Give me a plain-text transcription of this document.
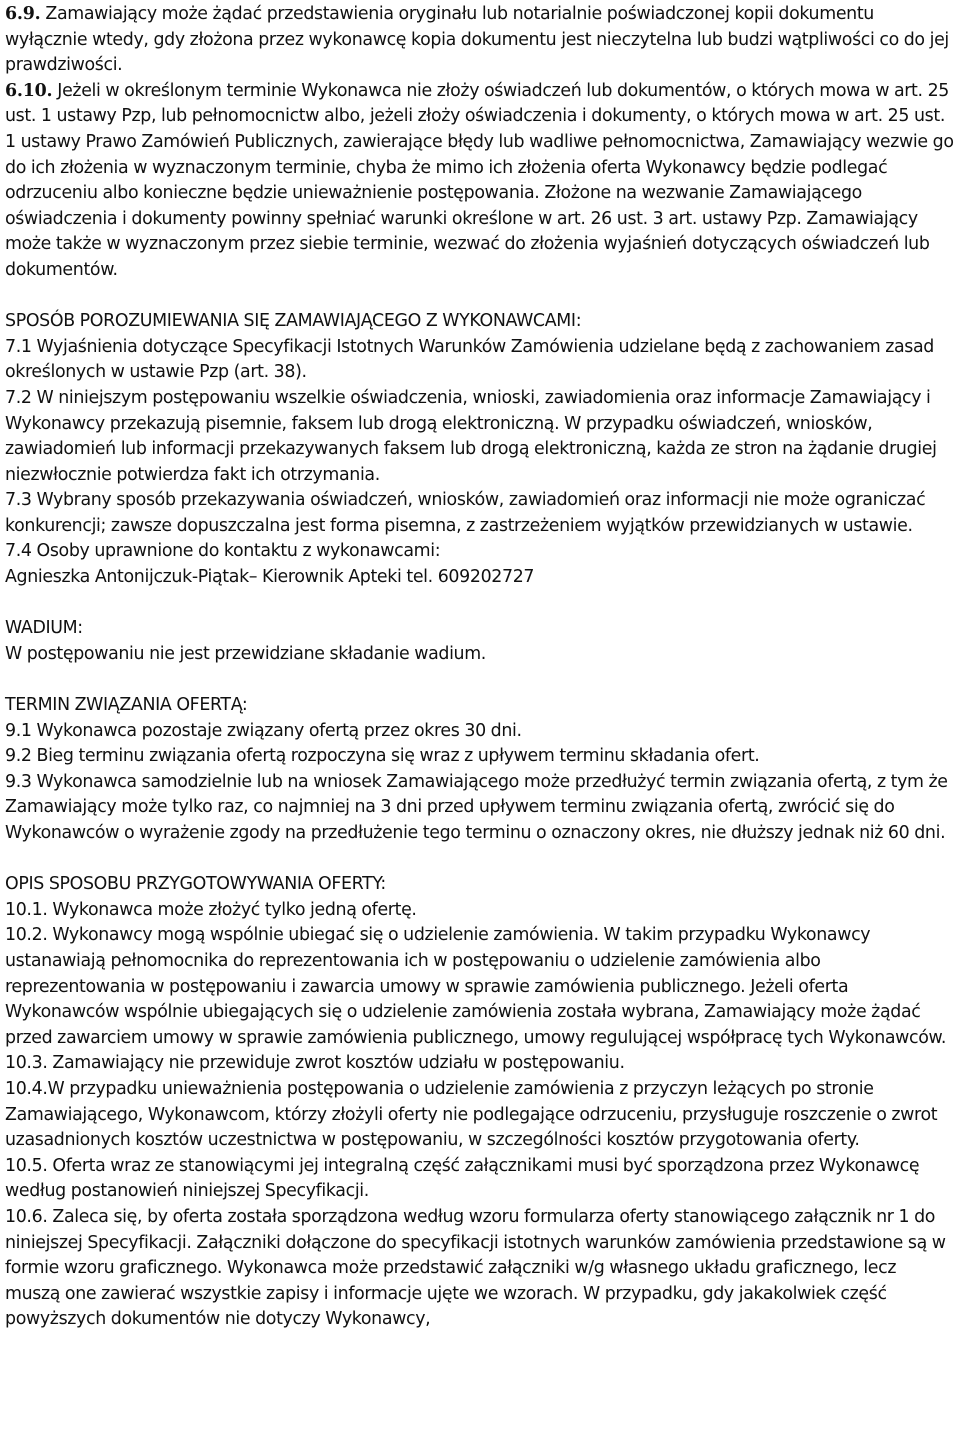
6.9. Zamawiający może żądać przedstawienia oryginału lub notarialnie poświadczonej kopii dokumentu wyłącznie wtedy, gdy złożona przez wykonawcę kopia dokumentu jest nieczytelna lub budzi wątpliwości co do jej prawdziwości.

6.10. Jeżeli w określonym terminie Wykonawca nie złoży oświadczeń lub dokumentów, o których mowa w art. 25 ust. 1 ustawy Pzp, lub pełnomocnictw albo, jeżeli złoży oświadczenia i dokumenty, o których mowa w art. 25 ust. 1 ustawy Prawo Zamówień Publicznych, zawierające błędy lub wadliwe pełnomocnictwa, Zamawiający wezwie go do ich złożenia w wyznaczonym terminie, chyba że mimo ich złożenia oferta Wykonawcy będzie podlegać odrzuceniu albo konieczne będzie unieważnienie postępowania. Złożone na wezwanie Zamawiającego oświadczenia i dokumenty powinny spełniać warunki określone w art. 26 ust. 3 art. ustawy Pzp. Zamawiający może także w wyznaczonym przez siebie terminie, wezwać do złożenia wyjaśnień dotyczących oświadczeń lub dokumentów.

SPOSÓB POROZUMIEWANIA SIĘ ZAMAWIAJĄCEGO Z WYKONAWCAMI:

7.1 Wyjaśnienia dotyczące Specyfikacji Istotnych Warunków Zamówienia udzielane będą z zachowaniem zasad określonych w ustawie Pzp (art. 38).

7.2 W niniejszym postępowaniu wszelkie oświadczenia, wnioski, zawiadomienia oraz informacje Zamawiający i Wykonawcy przekazują pisemnie, faksem lub drogą elektroniczną. W przypadku oświadczeń, wniosków, zawiadomień lub informacji przekazywanych faksem lub drogą elektroniczną, każda ze stron na żądanie drugiej niezwłocznie potwierdza fakt ich otrzymania.

7.3 Wybrany sposób przekazywania oświadczeń, wniosków, zawiadomień oraz informacji nie może ograniczać konkurencji; zawsze dopuszczalna jest forma pisemna, z zastrzeżeniem wyjątków przewidzianych w ustawie.

7.4 Osoby uprawnione do kontaktu z wykonawcami:

Agnieszka Antonijczuk-Piątak– Kierownik Apteki tel. 609202727

WADIUM:

W postępowaniu nie jest przewidziane składanie wadium.

TERMIN ZWIĄZANIA OFERTĄ:

9.1 Wykonawca pozostaje związany ofertą przez okres 30 dni.

9.2 Bieg terminu związania ofertą rozpoczyna się wraz z upływem terminu składania ofert.

9.3 Wykonawca samodzielnie lub na wniosek Zamawiającego może przedłużyć termin związania ofertą, z tym że Zamawiający może tylko raz, co najmniej na 3 dni przed upływem terminu związania ofertą, zwrócić się do Wykonawców o wyrażenie zgody na przedłużenie tego terminu o oznaczony okres, nie dłuższy jednak niż 60 dni.

OPIS SPOSOBU PRZYGOTOWYWANIA OFERTY:

10.1. Wykonawca może złożyć tylko jedną ofertę.

10.2. Wykonawcy mogą wspólnie ubiegać się o udzielenie zamówienia. W takim przypadku Wykonawcy ustanawiają pełnomocnika do reprezentowania ich w postępowaniu o udzielenie zamówienia albo reprezentowania w postępowaniu i zawarcia umowy w sprawie zamówienia publicznego. Jeżeli oferta Wykonawców wspólnie ubiegających się o udzielenie zamówienia została wybrana, Zamawiający może żądać przed zawarciem umowy w sprawie zamówienia publicznego, umowy regulującej współpracę tych Wykonawców.

10.3. Zamawiający nie przewiduje zwrot kosztów udziału w postępowaniu.

10.4.W przypadku unieważnienia postępowania o udzielenie zamówienia z przyczyn leżących po stronie Zamawiającego, Wykonawcom, którzy złożyli oferty nie podlegające odrzuceniu, przysługuje roszczenie o zwrot uzasadnionych kosztów uczestnictwa w postępowaniu, w szczególności kosztów przygotowania oferty.

10.5. Oferta wraz ze stanowiącymi jej integralną część załącznikami musi być sporządzona przez Wykonawcę według postanowień niniejszej Specyfikacji.

10.6. Zaleca się, by oferta została sporządzona według wzoru formularza oferty stanowiącego załącznik nr 1 do niniejszej Specyfikacji. Załączniki dołączone do specyfikacji istotnych warunków zamówienia przedstawione są w formie wzoru graficznego. Wykonawca może przedstawić załączniki w/g własnego układu graficznego, lecz muszą one zawierać wszystkie zapisy i informacje ujęte we wzorach. W przypadku, gdy jakakolwiek część powyższych dokumentów nie dotyczy Wykonawcy,
